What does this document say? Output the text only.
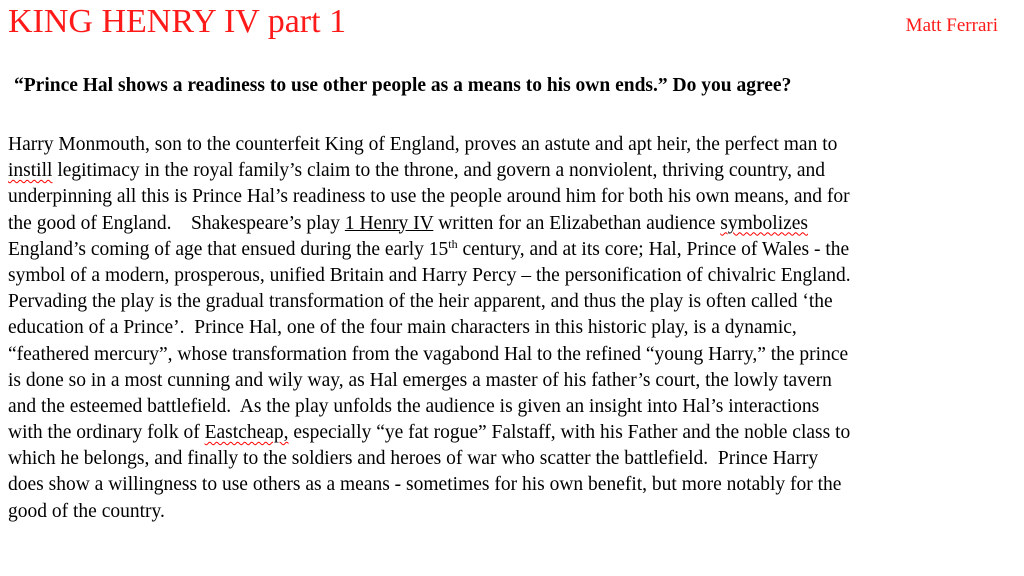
KING HENRY IV part 1	Matt Ferrari
“Prince Hal shows a readiness to use other people as a means to his own ends.” Do you agree?
Harry Monmouth, son to the counterfeit King of England, proves an astute and apt heir, the perfect man to
instill legitimacy in the royal family’s claim to the throne, and govern a nonviolent, thriving country, and
underpinning all this is Prince Hal’s readiness to use the people around him for both his own means, and for
the good of England.    Shakespeare’s play 1 Henry IV written for an Elizabethan audience symbolizes
England’s coming of age that ensued during the early 15th century, and at its core; Hal, Prince of Wales - the
symbol of a modern, prosperous, unified Britain and Harry Percy – the personification of chivalric England.
Pervading the play is the gradual transformation of the heir apparent, and thus the play is often called ‘the
education of a Prince’.  Prince Hal, one of the four main characters in this historic play, is a dynamic,
“feathered mercury”, whose transformation from the vagabond Hal to the refined “young Harry,” the prince
is done so in a most cunning and wily way, as Hal emerges a master of his father’s court, the lowly tavern
and the esteemed battlefield.  As the play unfolds the audience is given an insight into Hal’s interactions
with the ordinary folk of Eastcheap, especially “ye fat rogue” Falstaff, with his Father and the noble class to
which he belongs, and finally to the soldiers and heroes of war who scatter the battlefield.  Prince Harry
does show a willingness to use others as a means - sometimes for his own benefit, but more notably for the
good of the country.
